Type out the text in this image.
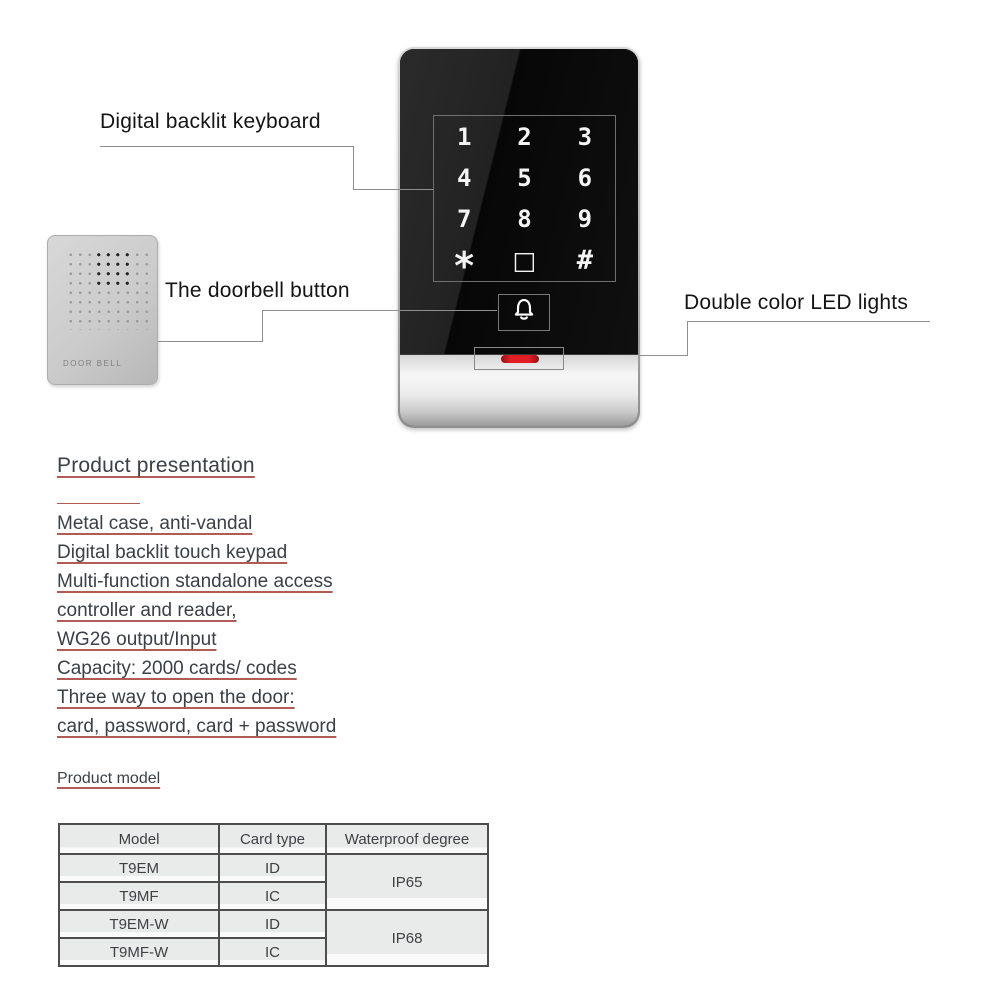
Digital backlit keyboard
The doorbell button
Double color LED lights
1 2 3
4 5 6
7 8 9
* □ #
DOOR BELL
Product presentation
Metal case, anti-vandal
Digital backlit touch keypad
Multi-function standalone access
controller and reader,
WG26 output/Input
Capacity: 2000 cards/ codes
Three way to open the door:
card, password, card + password
Product model
Model	Card type	Waterproof degree
T9EM	ID	IP65
T9MF	IC	
T9EM-W	ID	IP68
T9MF-W	IC	
